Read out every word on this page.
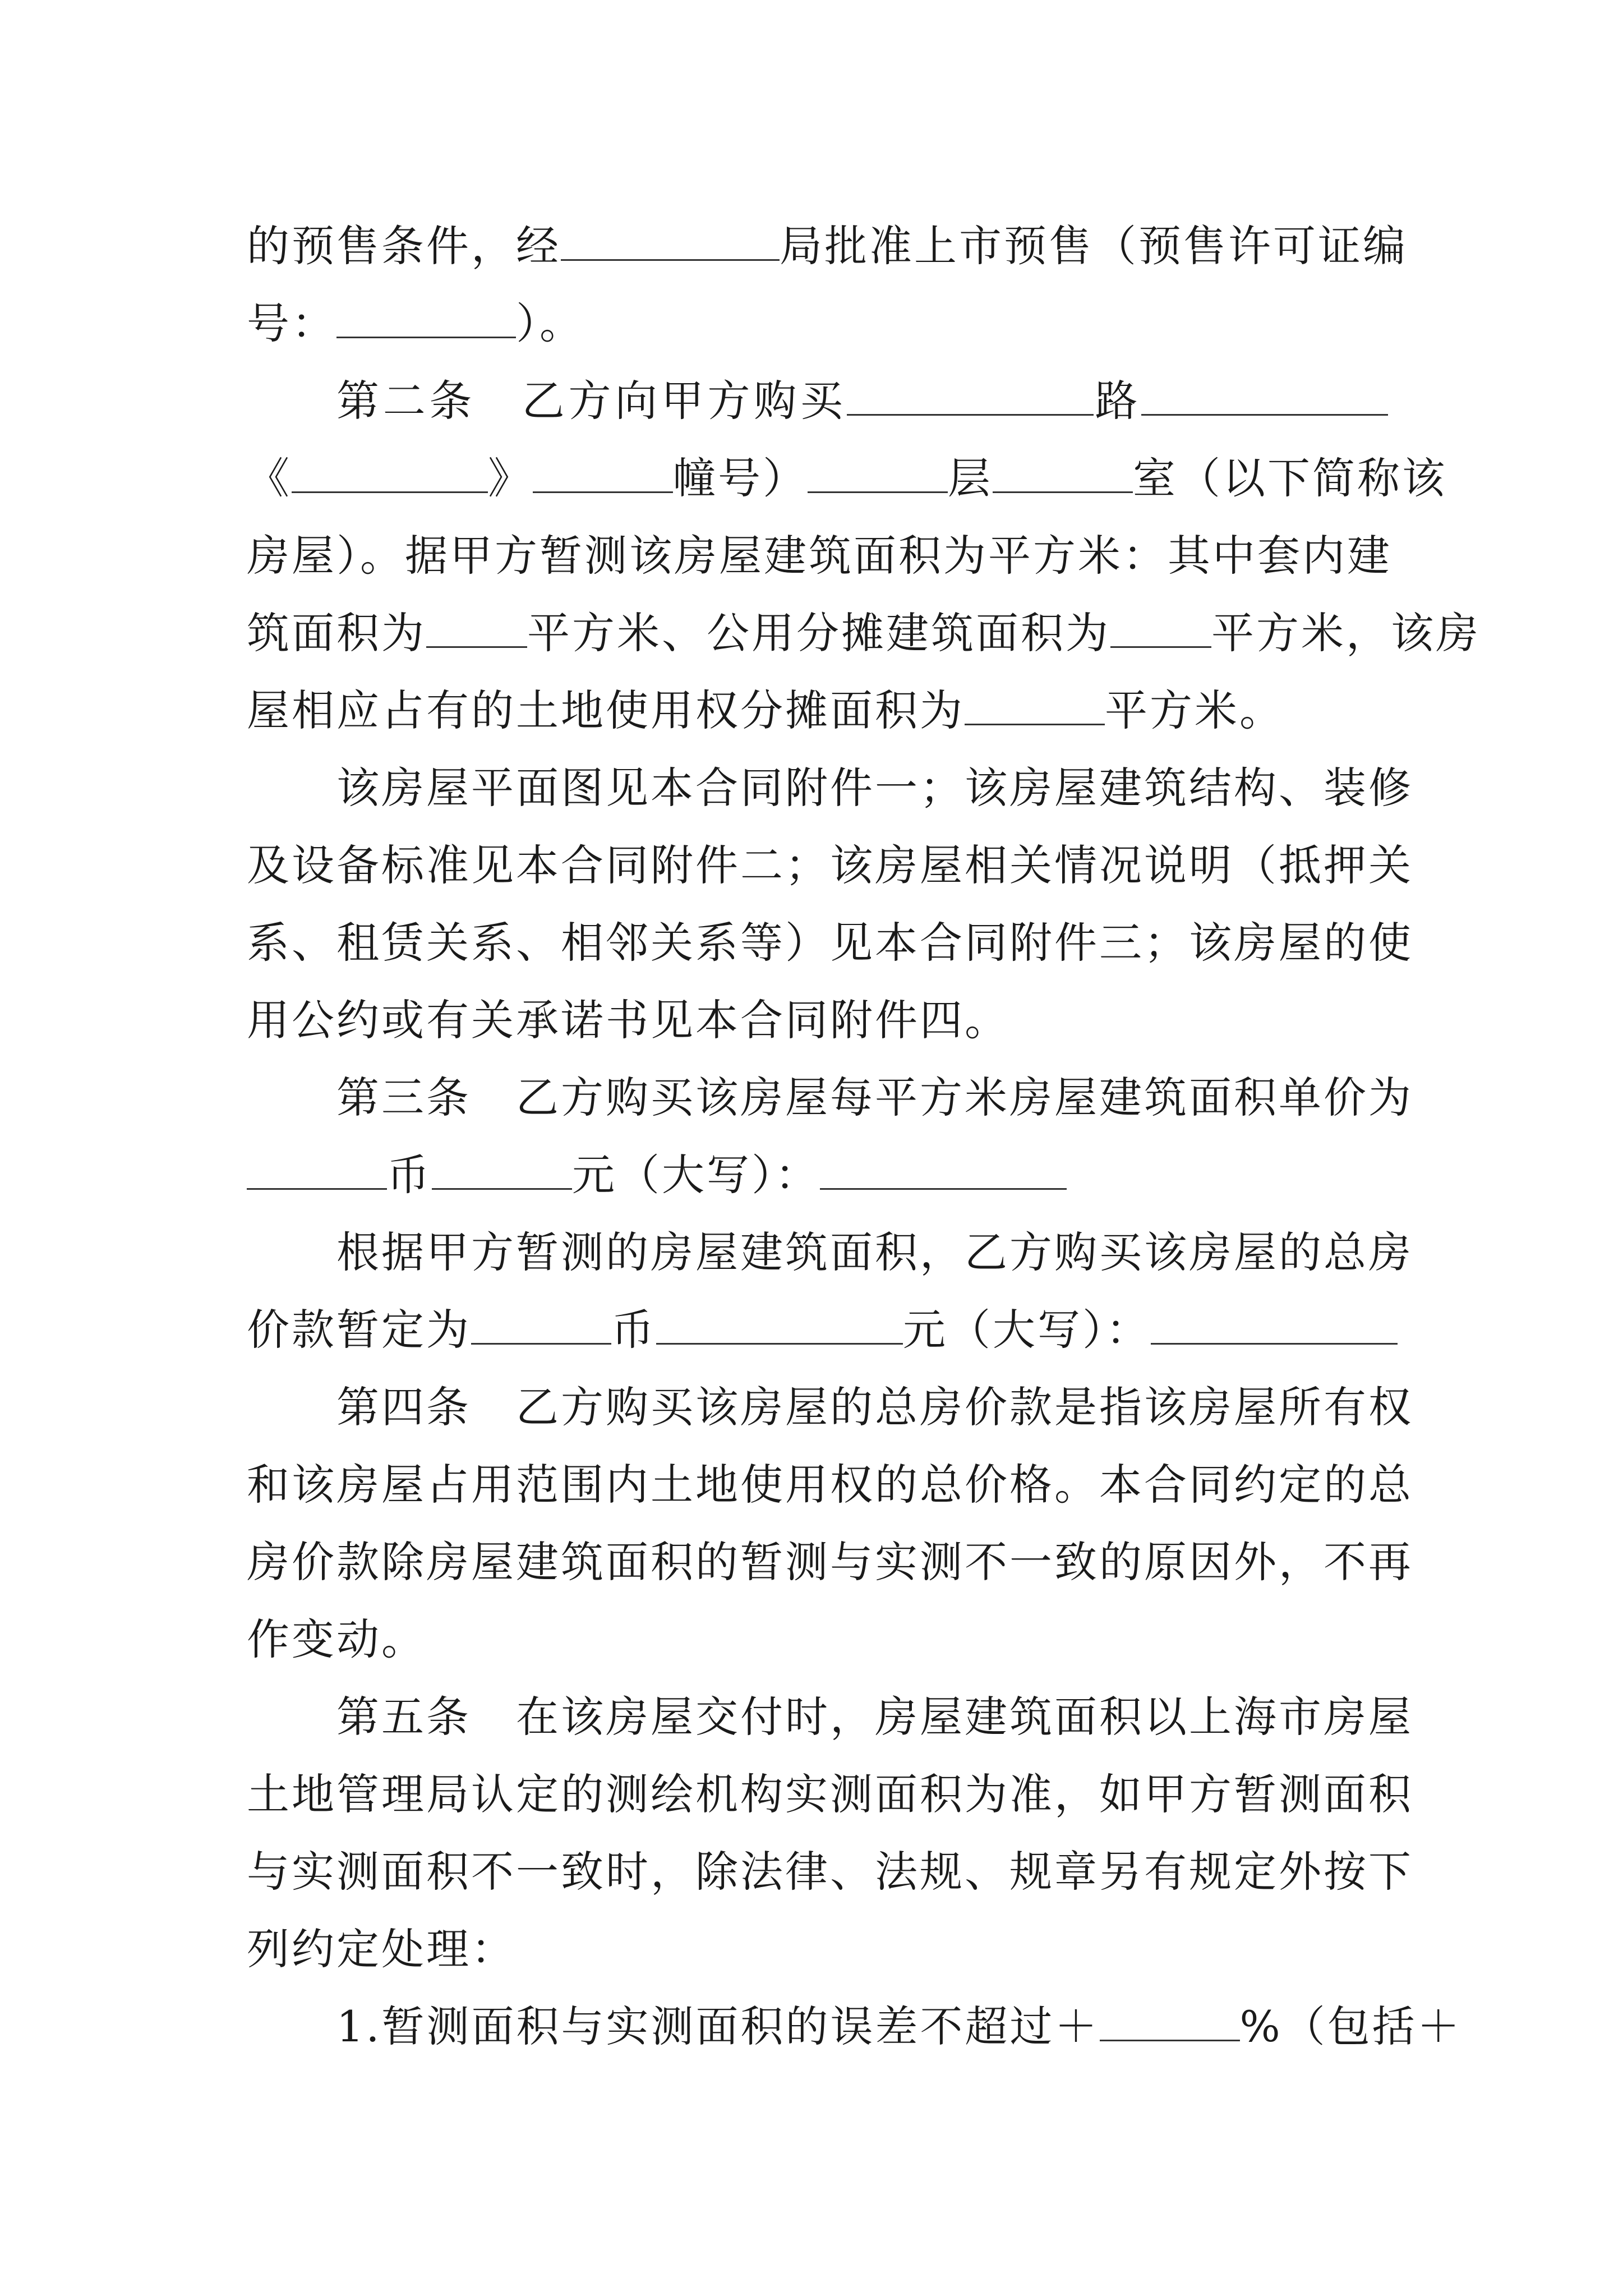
的预售条件，经	局批准上市预售（预售许可证编
号：	）。
第二条　乙方向甲方购买	路
《	》	幢号）	层	室（以下简称该
房屋）。据甲方暂测该房屋建筑面积为平方米：其中套内建
筑面积为 平方米、公用分摊建筑面积为 平方米，该房
屋相应占有的土地使用权分摊面积为	平方米。
该房屋平面图见本合同附件一；该房屋建筑结构、装修
及设备标准见本合同附件二；该房屋相关情况说明（抵押关
系、租赁关系、相邻关系等）见本合同附件三；该房屋的使
用公约或有关承诺书见本合同附件四。
第三条　乙方购买该房屋每平方米房屋建筑面积单价为
币	元（大写）：
根据甲方暂测的房屋建筑面积，乙方购买该房屋的总房
价款暂定为	币	元（大写）：
第四条　乙方购买该房屋的总房价款是指该房屋所有权
和该房屋占用范围内土地使用权的总价格。本合同约定的总
房价款除房屋建筑面积的暂测与实测不一致的原因外，不再
作变动。
第五条　在该房屋交付时，房屋建筑面积以上海市房屋
土地管理局认定的测绘机构实测面积为准，如甲方暂测面积
与实测面积不一致时，除法律、法规、规章另有规定外按下
列约定处理：
1.暂测面积与实测面积的误差不超过＋	%（包括＋
